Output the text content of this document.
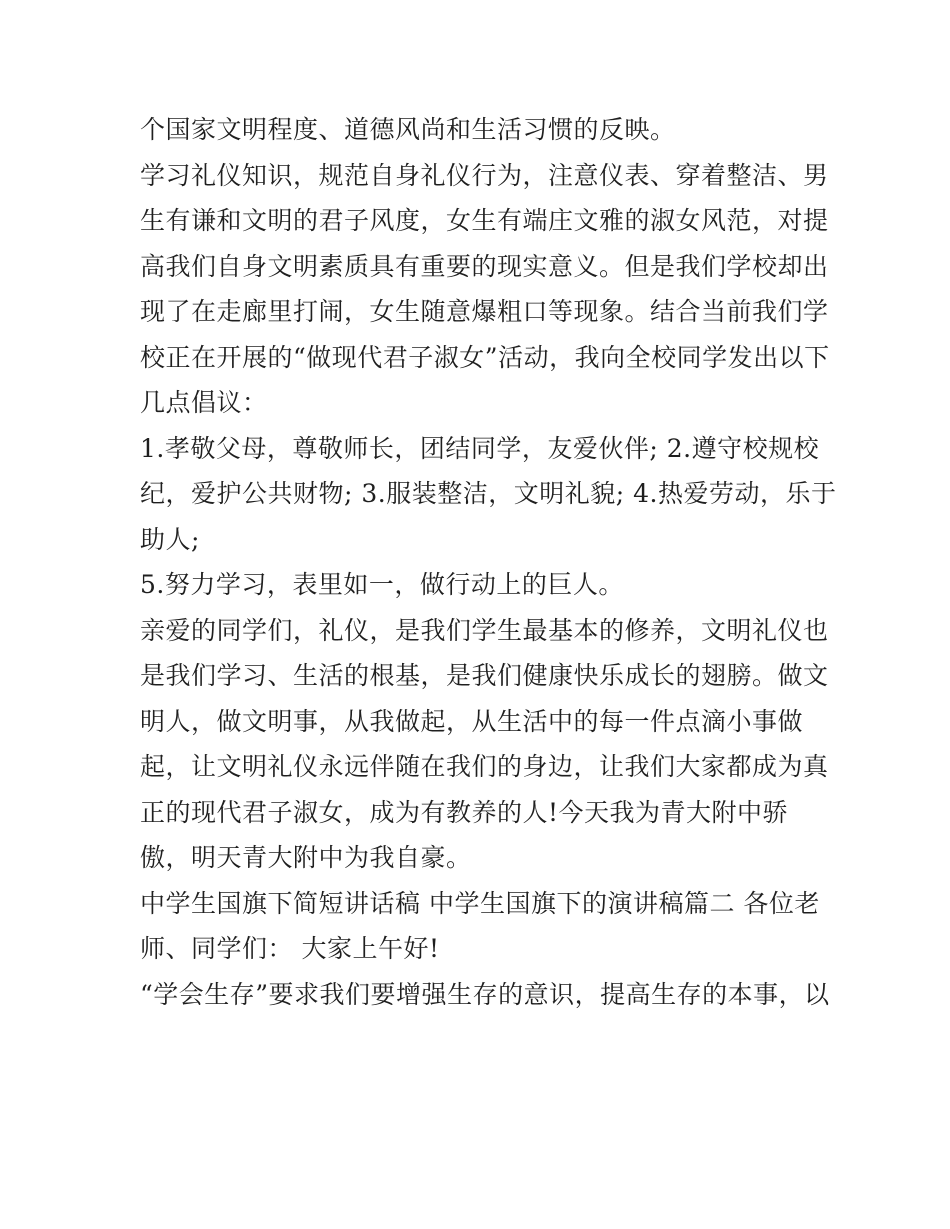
个国家文明程度、道德风尚和生活习惯的反映。
学习礼仪知识，规范自身礼仪行为，注意仪表、穿着整洁、男
生有谦和文明的君子风度，女生有端庄文雅的淑女风范，对提
高我们自身文明素质具有重要的现实意义。但是我们学校却出
现了在走廊里打闹，女生随意爆粗口等现象。结合当前我们学
校正在开展的“做现代君子淑女”活动，我向全校同学发出以下
几点倡议：
1.孝敬父母，尊敬师长，团结同学，友爱伙伴; 2.遵守校规校
纪，爱护公共财物; 3.服装整洁，文明礼貌; 4.热爱劳动，乐于
助人;
5.努力学习，表里如一，做行动上的巨人。
亲爱的同学们，礼仪，是我们学生最基本的修养，文明礼仪也
是我们学习、生活的根基，是我们健康快乐成长的翅膀。做文
明人，做文明事，从我做起，从生活中的每一件点滴小事做
起，让文明礼仪永远伴随在我们的身边，让我们大家都成为真
正的现代君子淑女，成为有教养的人!今天我为青大附中骄
傲，明天青大附中为我自豪。
中学生国旗下简短讲话稿 中学生国旗下的演讲稿篇二 各位老
师、同学们： 大家上午好!
“学会生存”要求我们要增强生存的意识，提高生存的本事，以
